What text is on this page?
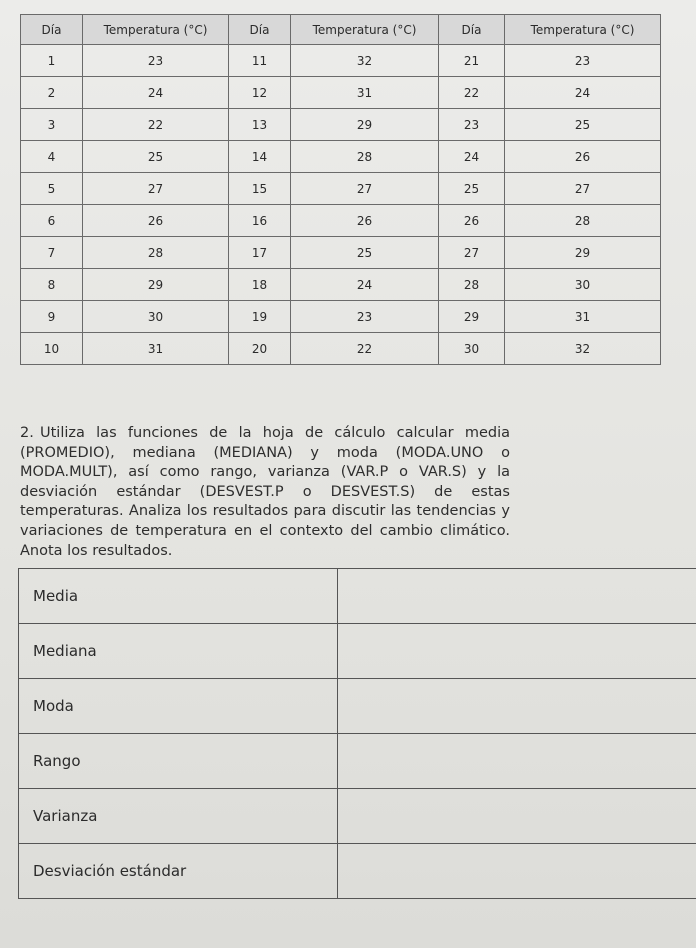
Día	Temperatura (°C)	Día	Temperatura (°C)	Día	Temperatura (°C)
1	23	11	32	21	23
2	24	12	31	22	24
3	22	13	29	23	25
4	25	14	28	24	26
5	27	15	27	25	27
6	26	16	26	26	28
7	28	17	25	27	29
8	29	18	24	28	30
9	30	19	23	29	31
10	31	20	22	30	32
2. Utiliza las funciones de la hoja de cálculo calcular media (PROMEDIO), mediana (MEDIANA) y moda (MODA.UNO o MODA.MULT), así como rango, varianza (VAR.P o VAR.S) y la desviación estándar (DESVEST.P o DESVEST.S) de estas temperaturas. Analiza los resultados para discutir las tendencias y variaciones de temperatura en el contexto del cambio climático. Anota los resultados.
Media	
Mediana	
Moda	
Rango	
Varianza	
Desviación estándar	
